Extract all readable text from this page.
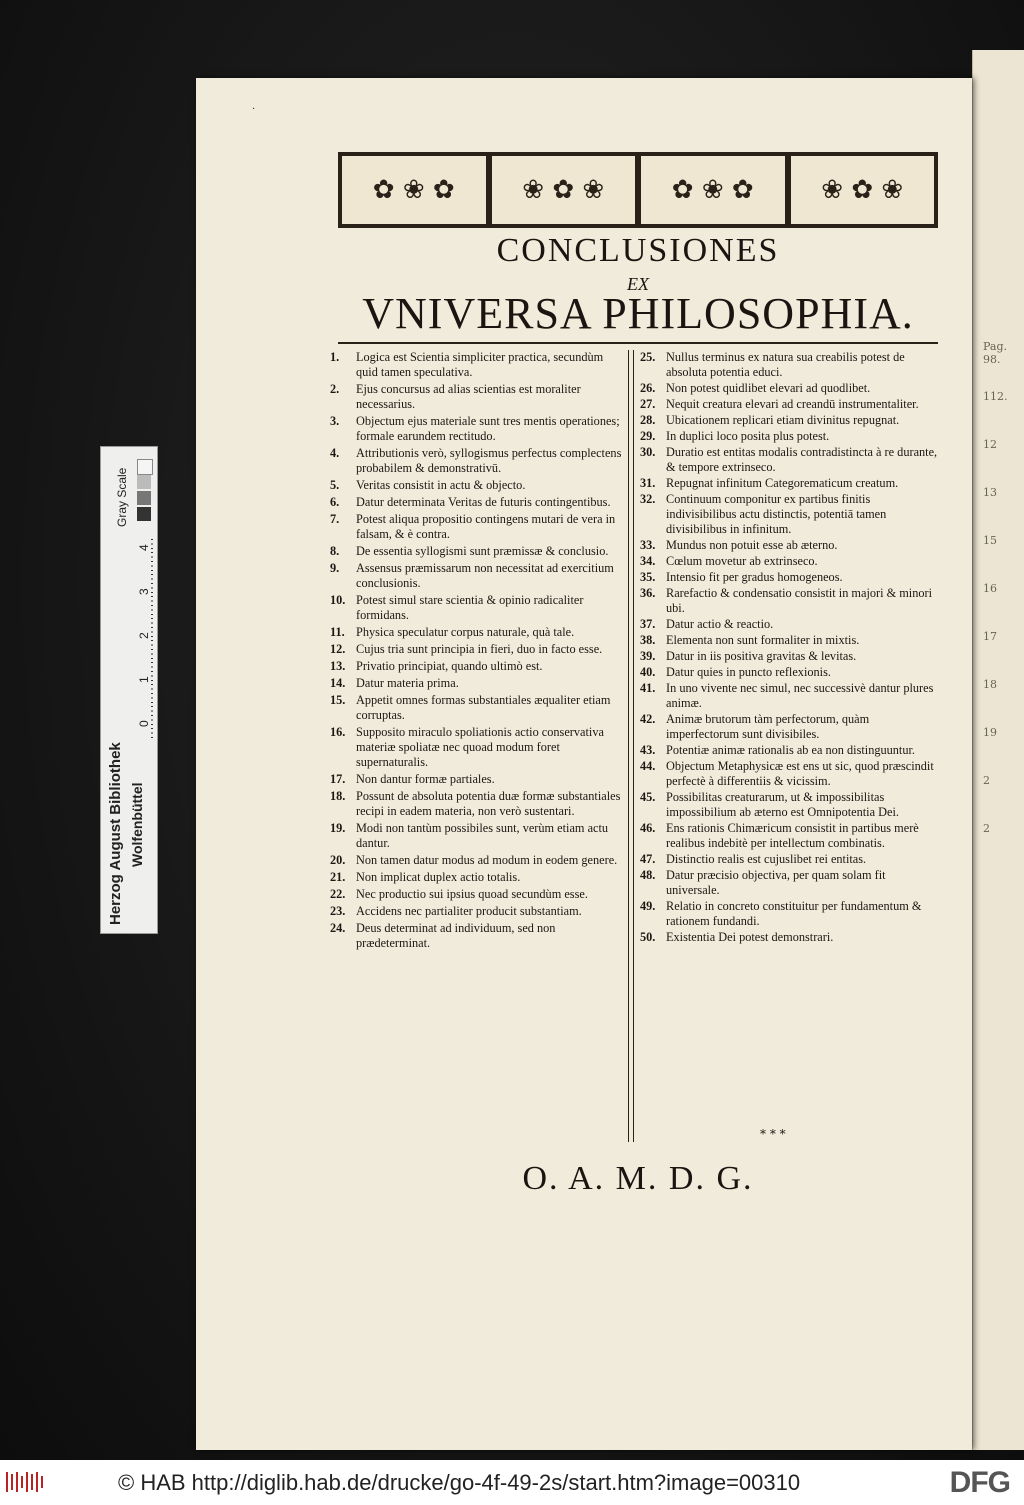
Pag. 98.
112.
12
13
15
16
17
18
19
2
2
·
✿ ❀ ✿	❀ ✿ ❀	✿ ❀ ✿	❀ ✿ ❀
CONCLUSIONES
EX
VNIVERSA PHILOSOPHIA.
1.	Logica est Scientia simpliciter practica, secundùm quid tamen speculativa.
2.	Ejus concursus ad alias scientias est moraliter necessarius.
3.	Objectum ejus materiale sunt tres mentis operationes; formale earundem rectitudo.
4.	Attributionis verò, syllogismus perfectus complectens probabilem & demonstrativū.
5.	Veritas consistit in actu & objecto.
6.	Datur determinata Veritas de futuris contingentibus.
7.	Potest aliqua propositio contingens mutari de vera in falsam, & è contra.
8.	De essentia syllogismi sunt præmissæ & conclusio.
9.	Assensus præmissarum non necessitat ad exercitium conclusionis.
10. Potest simul stare scientia & opinio radicaliter formidans.
11. Physica speculatur corpus naturale, quà tale.
12. Cujus tria sunt principia in fieri, duo in facto esse.
13. Privatio principiat, quando ultimò est.
14. Datur materia prima.
15. Appetit omnes formas substantiales æqualiter etiam corruptas.
16. Supposito miraculo spoliationis actio conservativa materiæ spoliatæ nec quoad modum foret supernaturalis.
17. Non dantur formæ partiales.
18. Possunt de absoluta potentia duæ formæ substantiales recipi in eadem materia, non verò sustentari.
19. Modi non tantùm possibiles sunt, verùm etiam actu dantur.
20. Non tamen datur modus ad modum in eodem genere.
21. Non implicat duplex actio totalis.
22. Nec productio sui ipsius quoad secundùm esse.
23. Accidens nec partialiter producit substantiam.
24. Deus determinat ad individuum, sed non prædeterminat.
25. Nullus terminus ex natura sua creabilis potest de absoluta potentia educi.
26. Non potest quidlibet elevari ad quodlibet.
27. Nequit creatura elevari ad creandū instrumentaliter.
28. Ubicationem replicari etiam divinitus repugnat.
29. In duplici loco posita plus potest.
30. Duratio est entitas modalis contradistincta à re durante, & tempore extrinseco.
31. Repugnat infinitum Categorematicum creatum.
32. Continuum componitur ex partibus finitis indivisibilibus actu distinctis, potentiā tamen divisibilibus in infinitum.
33. Mundus non potuit esse ab æterno.
34. Cœlum movetur ab extrinseco.
35. Intensio fit per gradus homogeneos.
36. Rarefactio & condensatio consistit in majori & minori ubi.
37. Datur actio & reactio.
38. Elementa non sunt formaliter in mixtis.
39. Datur in iis positiva gravitas & levitas.
40. Datur quies in puncto reflexionis.
41. In uno vivente nec simul, nec successivè dantur plures animæ.
42. Animæ brutorum tàm perfectorum, quàm imperfectorum sunt divisibiles.
43. Potentiæ animæ rationalis ab ea non distinguuntur.
44. Objectum Metaphysicæ est ens ut sic, quod præscindit perfectè à differentiis & vicissim.
45. Possibilitas creaturarum, ut & impossibilitas impossibilium ab æterno est Omnipotentia Dei.
46. Ens rationis Chimæricum consistit in partibus merè realibus indebitè per intellectum combinatis.
47. Distinctio realis est cujuslibet rei entitas.
48. Datur præcisio objectiva, per quam solam fit universale.
49. Relatio in concreto constituitur per fundamentum & rationem fundandi.
50. Existentia Dei potest demonstrari.
* * *
O. A. M. D. G.
Herzog August Bibliothek Wolfenbüttel
Gray Scale
4
3
2
1
0
© HAB http://diglib.hab.de/drucke/go-4f-49-2s/start.htm?image=00310	DFG
